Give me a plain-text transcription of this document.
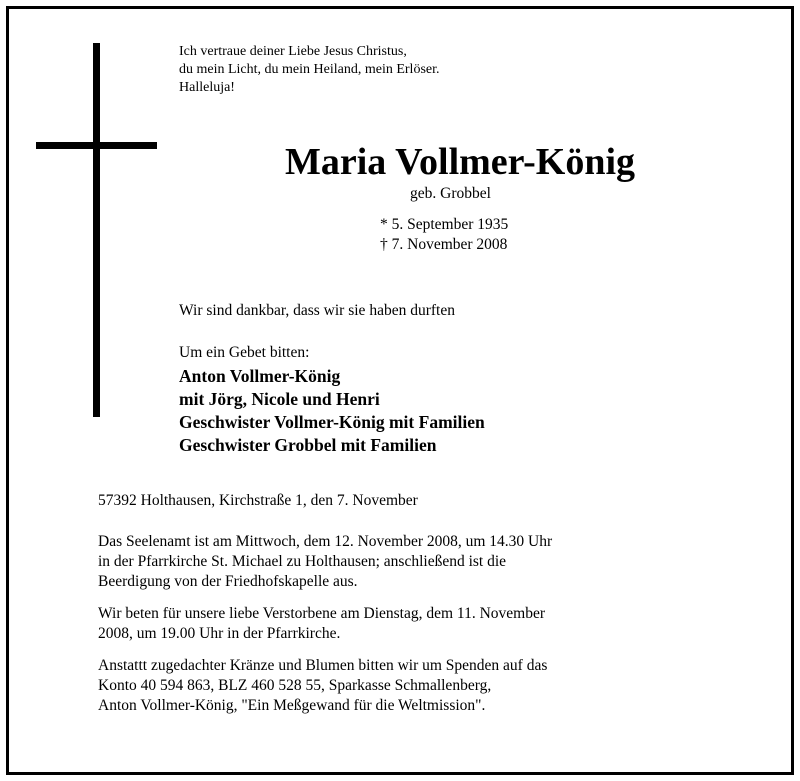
Ich vertraue deiner Liebe Jesus Christus,
du mein Licht, du mein Heiland, mein Erlöser.
Halleluja!
Maria Vollmer-König
geb. Grobbel
* 5. September 1935
† 7. November 2008
Wir sind dankbar, dass wir sie haben durften
Um ein Gebet bitten:
Anton Vollmer-König
mit Jörg, Nicole und Henri
Geschwister Vollmer-König mit Familien
Geschwister Grobbel mit Familien
57392 Holthausen, Kirchstraße 1, den 7. November
Das Seelenamt ist am Mittwoch, dem 12. November 2008, um 14.30 Uhr
in der Pfarrkirche St. Michael zu Holthausen; anschließend ist die
Beerdigung von der Friedhofskapelle aus.
Wir beten für unsere liebe Verstorbene am Dienstag, dem 11. November
2008, um 19.00 Uhr in der Pfarrkirche.
Anstattt zugedachter Kränze und Blumen bitten wir um Spenden auf das
Konto 40 594 863, BLZ 460 528 55, Sparkasse Schmallenberg,
Anton Vollmer-König, "Ein Meßgewand für die Weltmission".
